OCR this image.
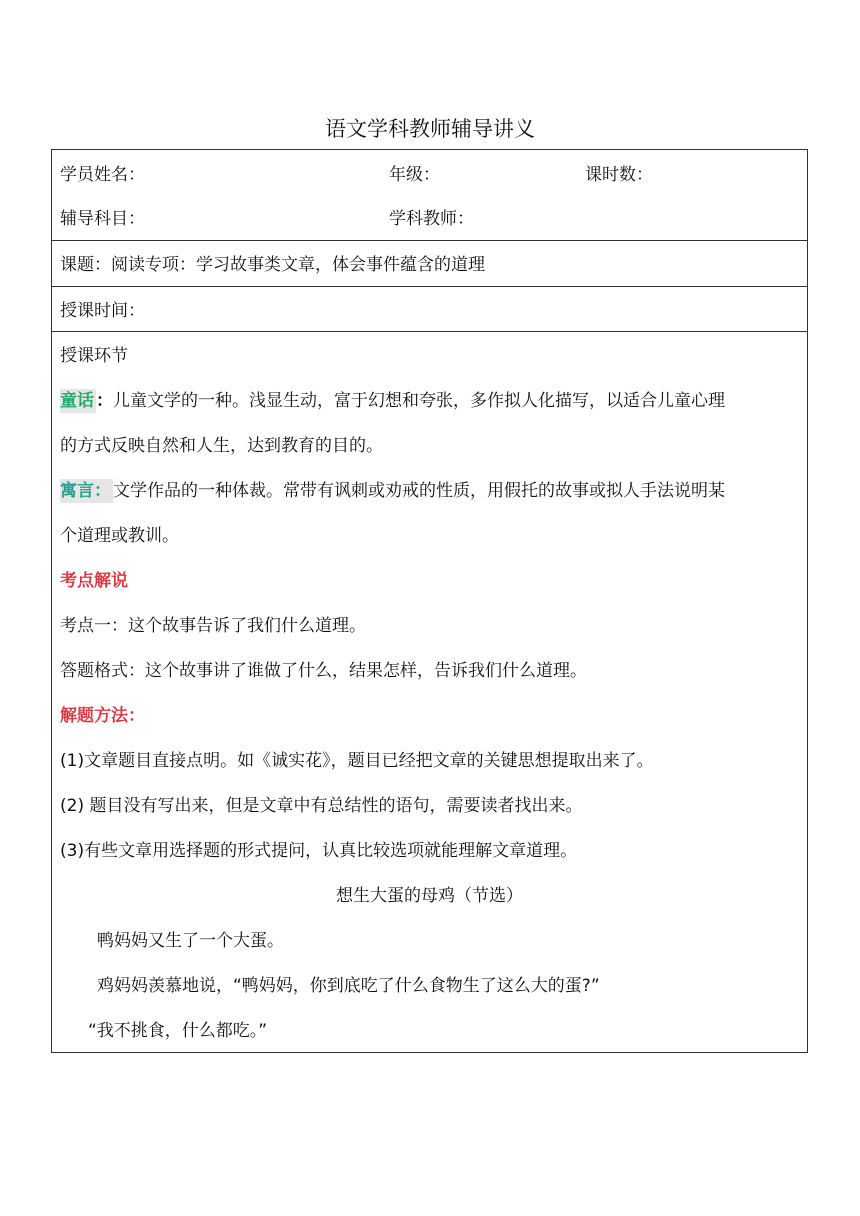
语文学科教师辅导讲义
学员姓名：	年级：	课时数：
辅导科目：	学科教师：
课题：阅读专项：学习故事类文章，体会事件蕴含的道理
授课时间：
授课环节
童话 ：儿童文学的一种。浅显生动，富于幻想和夸张，多作拟人化描写，以适合儿童心理
的方式反映自然和人生，达到教育的目的。
寓言： 文学作品的一种体裁。常带有讽刺或劝戒的性质，用假托的故事或拟人手法说明某
个道理或教训。
考点解说
考点一：这个故事告诉了我们什么道理。
答题格式：这个故事讲了谁做了什么，结果怎样，告诉我们什么道理。
解题方法：
(1)文章题目直接点明。如《诚实花》，题目已经把文章的关键思想提取出来了。
(2) 题目没有写出来，但是文章中有总结性的语句，需要读者找出来。
(3)有些文章用选择题的形式提问，认真比较选项就能理解文章道理。
想生大蛋的母鸡（节选）
鸭妈妈又生了一个大蛋。
鸡妈妈羡慕地说，“鸭妈妈，你到底吃了什么食物生了这么大的蛋?”
“我不挑食，什么都吃。”
